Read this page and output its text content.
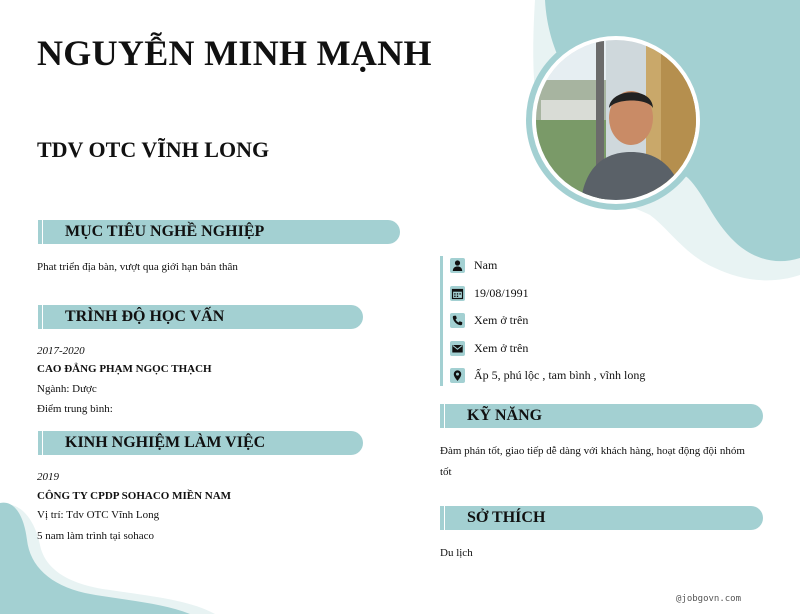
NGUYỄN MINH MẠNH
TDV OTC VĨNH LONG
MỤC TIÊU NGHỀ NGHIỆP
Phat triển địa bàn, vượt qua giới hạn bản thân
TRÌNH ĐỘ HỌC VẤN
2017-2020
CAO ĐẲNG PHẠM NGỌC THẠCH
Ngành: Dược
Điểm trung bình:
KINH NGHIỆM LÀM VIỆC
2019
CÔNG TY CPDP SOHACO MIỀN NAM
Vị trí: Tdv OTC Vĩnh Long
5 nam làm trình tại sohaco
Nam
19/08/1991
Xem ở trên
Xem ở trên
Ấp 5, phú lộc , tam bình , vĩnh long
KỸ NĂNG
Đàm phán tốt, giao tiếp dễ dàng với khách hàng, hoạt động đội nhóm
tốt
SỞ THÍCH
Du lịch
@jobgovn.com
